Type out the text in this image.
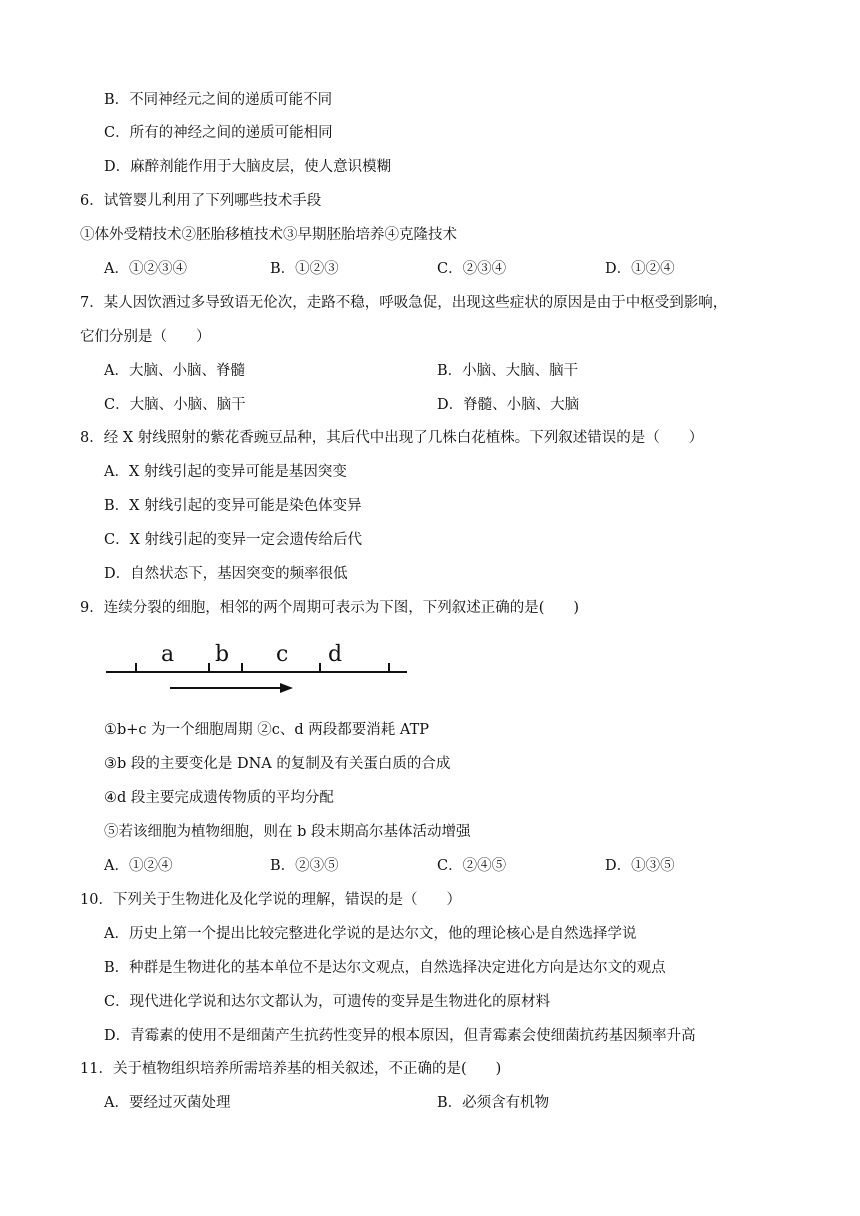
B．不同神经元之间的递质可能不同
C．所有的神经之间的递质可能相同
D．麻醉剂能作用于大脑皮层，使人意识模糊
6．试管婴儿利用了下列哪些技术手段
①体外受精技术②胚胎移植技术③早期胚胎培养④克隆技术
A．①②③④	B．①②③	C．②③④	D．①②④
7．某人因饮酒过多导致语无伦次，走路不稳，呼吸急促，出现这些症状的原因是由于中枢受到影响，
它们分别是（　　）
A．大脑、小脑、脊髓	B．小脑、大脑、脑干
C．大脑、小脑、脑干	D．脊髓、小脑、大脑
8．经 X 射线照射的紫花香豌豆品种，其后代中出现了几株白花植株。下列叙述错误的是（　　）
A．X 射线引起的变异可能是基因突变
B．X 射线引起的变异可能是染色体变异
C．X 射线引起的变异一定会遗传给后代
D．自然状态下，基因突变的频率很低
9．连续分裂的细胞，相邻的两个周期可表示为下图，下列叙述正确的是(　　)
a b c d
①b+c 为一个细胞周期 ②c、d 两段都要消耗 ATP
③b 段的主要变化是 DNA 的复制及有关蛋白质的合成
④d 段主要完成遗传物质的平均分配
⑤若该细胞为植物细胞，则在 b 段末期高尔基体活动增强
A．①②④	B．②③⑤	C．②④⑤	D．①③⑤
10．下列关于生物进化及化学说的理解，错误的是（　　）
A．历史上第一个提出比较完整进化学说的是达尔文，他的理论核心是自然选择学说
B．种群是生物进化的基本单位不是达尔文观点，自然选择决定进化方向是达尔文的观点
C．现代进化学说和达尔文都认为，可遗传的变异是生物进化的原材料
D．青霉素的使用不是细菌产生抗药性变异的根本原因，但青霉素会使细菌抗药基因频率升高
11．关于植物组织培养所需培养基的相关叙述，不正确的是(　　)
A．要经过灭菌处理	B．必须含有机物
